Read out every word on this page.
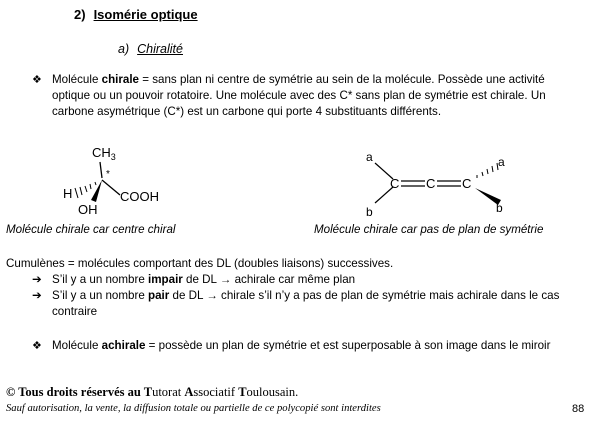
2) Isomérie optique
a) Chiralité
❖ Molécule chirale = sans plan ni centre de symétrie au sein de la molécule. Possède une activité
optique ou un pouvoir rotatoire. Une molécule avec des C* sans plan de symétrie est chirale. Un
carbone asymétrique (C*) est un carbone qui porte 4 substituants différents.
$CH_3$
*
H	COOH
OH
a
b
C C C
a
b
Molécule chirale car centre chiral	Molécule chirale car pas de plan de symétrie
Cumulènes = molécules comportant des DL (doubles liaisons) successives.
➔ S’il y a un nombre impair de DL → achirale car même plan
➔ S’il y a un nombre pair de DL → chirale s’il n’y a pas de plan de symétrie mais achirale dans le cas
contraire
❖ Molécule achirale = possède un plan de symétrie et est superposable à son image dans le miroir
© Tous droits réservés au Tutorat Associatif Toulousain.
Sauf autorisation, la vente, la diffusion totale ou partielle de ce polycopié sont interdites	88
